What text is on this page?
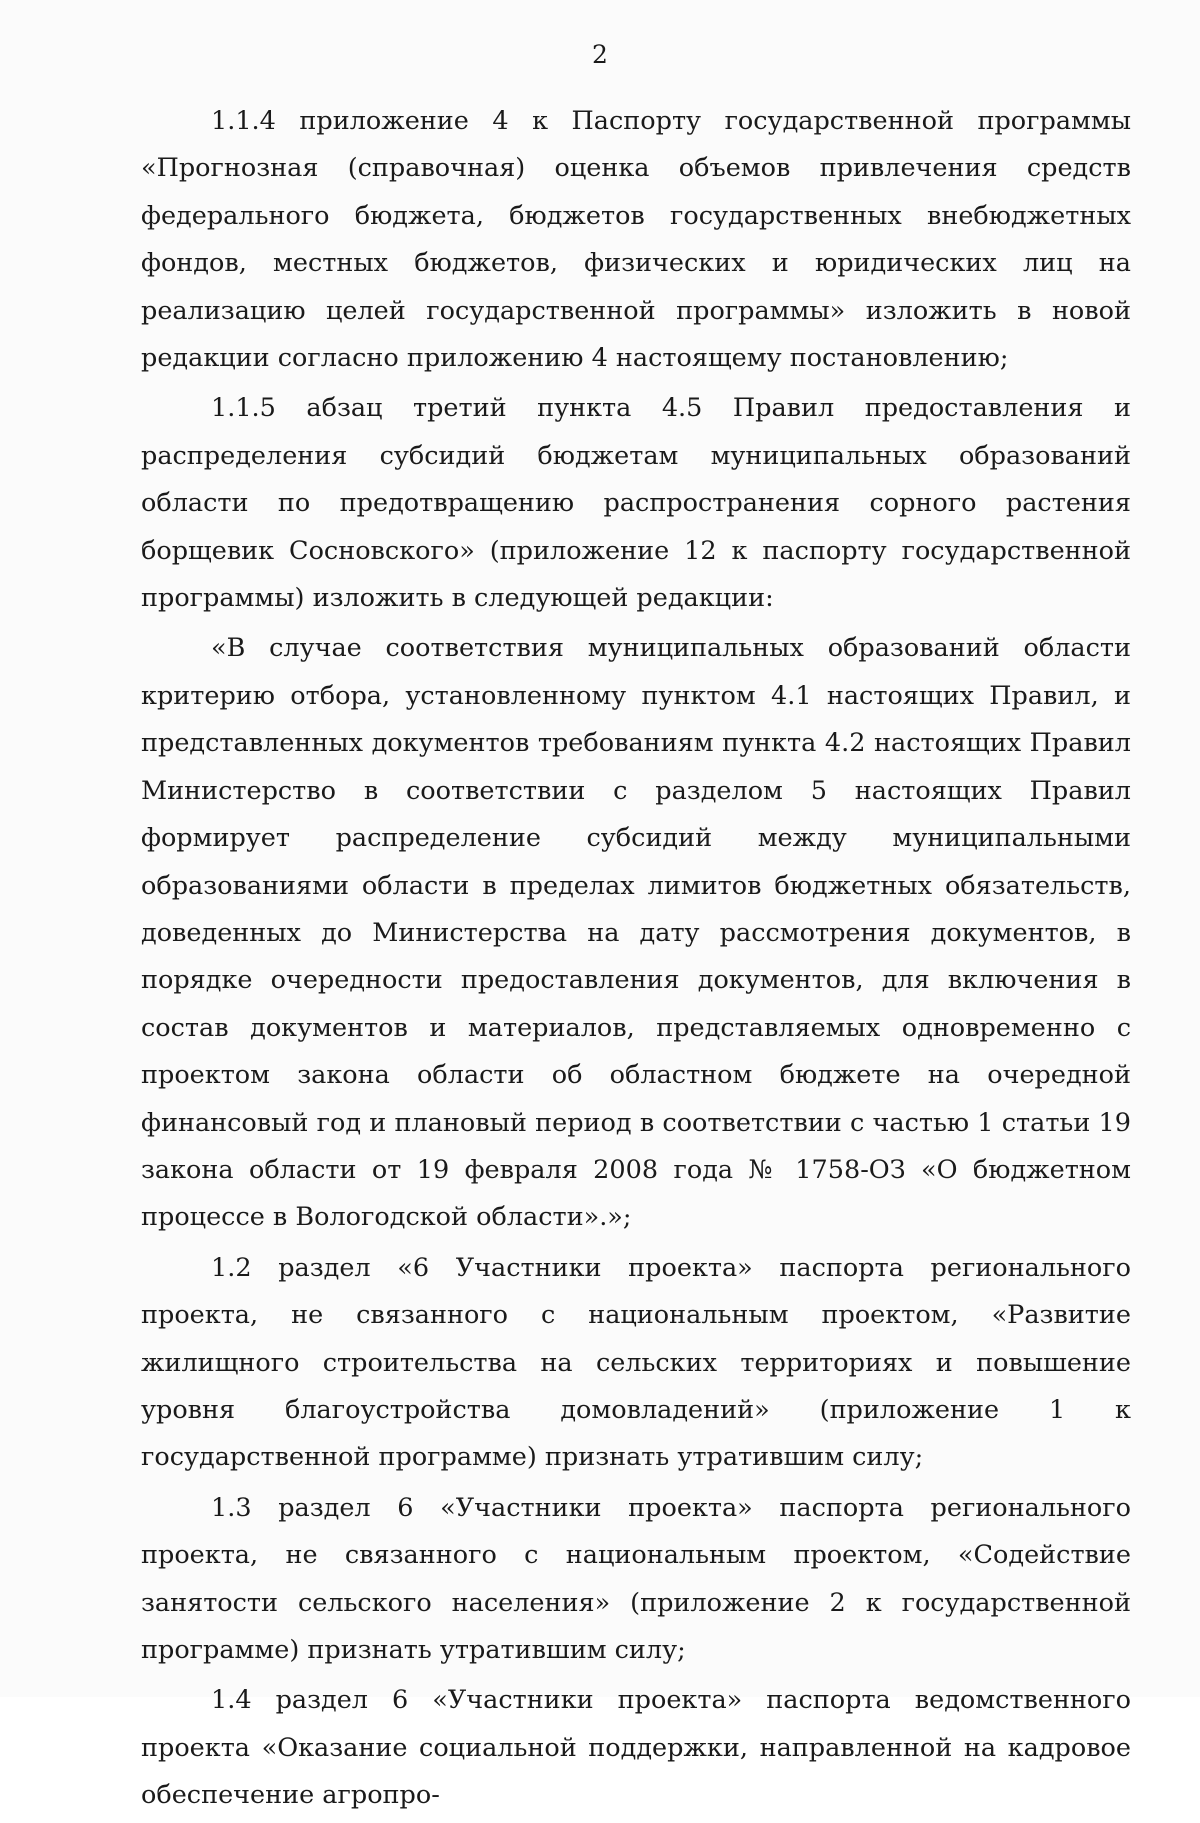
2

1.1.4 приложение 4 к Паспорту государственной программы «Прогнозная (справочная) оценка объемов привлечения средств федерального бюджета, бюджетов государственных внебюджетных фондов, местных бюджетов, физических и юридических лиц на реализацию целей государственной программы» изложить в новой редакции согласно приложению 4 настоящему постановлению;

1.1.5 абзац третий пункта 4.5 Правил предоставления и распределения субсидий бюджетам муниципальных образований области по предотвращению распространения сорного растения борщевик Сосновского» (приложение 12 к паспорту государственной программы) изложить в следующей редакции:

«В случае соответствия муниципальных образований области критерию отбора, установленному пунктом 4.1 настоящих Правил, и представленных документов требованиям пункта 4.2 настоящих Правил Министерство в соответствии с разделом 5 настоящих Правил формирует распределение субсидий между муниципальными образованиями области в пределах лимитов бюджетных обязательств, доведенных до Министерства на дату рассмотрения документов, в порядке очередности предоставления документов, для включения в состав документов и материалов, представляемых одновременно с проектом закона области об областном бюджете на очередной финансовый год и плановый период в соответствии с частью 1 статьи 19 закона области от 19 февраля 2008 года № 1758-ОЗ «О бюджетном процессе в Вологодской области».»;

1.2 раздел «6 Участники проекта» паспорта регионального проекта, не связанного с национальным проектом, «Развитие жилищного строительства на сельских территориях и повышение уровня благоустройства домовладений» (приложение 1 к государственной программе) признать утратившим силу;

1.3 раздел 6 «Участники проекта» паспорта регионального проекта, не связанного с национальным проектом, «Содействие занятости сельского населения» (приложение 2 к государственной программе) признать утратившим силу;

1.4 раздел 6 «Участники проекта» паспорта ведомственного проекта «Оказание социальной поддержки, направленной на кадровое обеспечение агропро-
